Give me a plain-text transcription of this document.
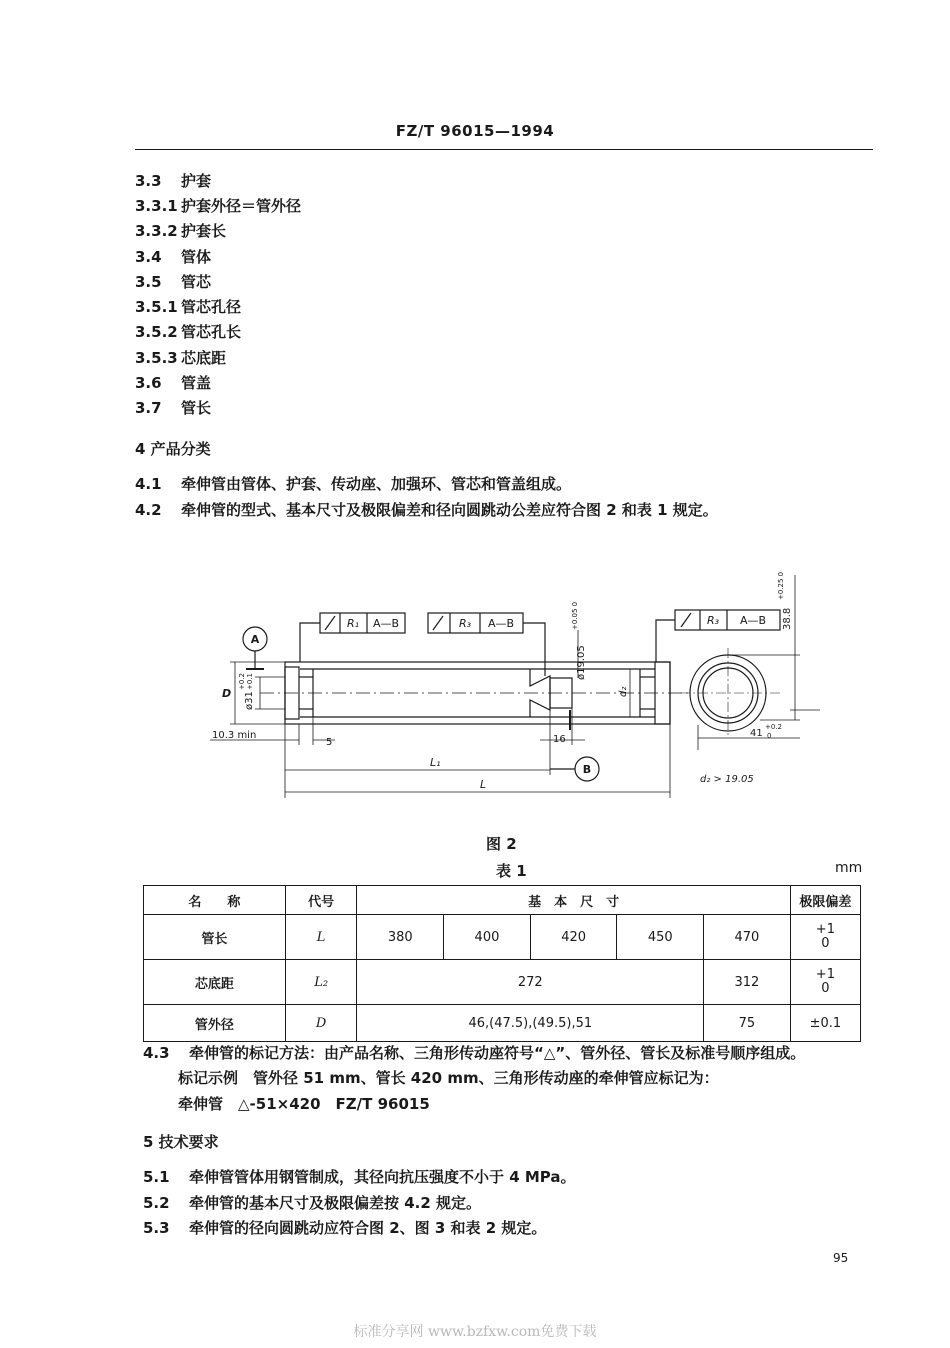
FZ/T 96015—1994
3.3 护套
3.3.1 护套外径＝管外径
3.3.2 护套长
3.4 管体
3.5 管芯
3.5.1 管芯孔径
3.5.2 管芯孔长
3.5.3 芯底距
3.6 管盖
3.7 管长
4 产品分类
4.1 牵伸管由管体、护套、传动座、加强环、管芯和管盖组成。
4.2 牵伸管的型式、基本尺寸及极限偏差和径向圆跳动公差应符合图 2 和表 1 规定。
A
B
R₁ A—B	R₃ A—B	R₃ A—B
D ø31
+0.2 +0.1
ø19.05
+0.05 0	38.8
+0.25 0
d₂
10.3 min
5	16
L₁
L
41
+0.2
0
d₂ > 19.05
图 2
表 1	mm
名　　称	代号	基　本　尺　寸					极限偏差
管长	L	380	400	420	450	470	+1
0

芯底距	L₂	272				312	+1
0

管外径	D	46,(47.5),(49.5),51				75	±0.1
4.3 牵伸管的标记方法：由产品名称、三角形传动座符号“△”、管外径、管长及标准号顺序组成。
标记示例　管外径 51 mm、管长 420 mm、三角形传动座的牵伸管应标记为：
牵伸管　△-51×420　FZ/T 96015
5 技术要求
5.1 牵伸管管体用钢管制成，其径向抗压强度不小于 4 MPa。
5.2 牵伸管的基本尺寸及极限偏差按 4.2 规定。
5.3 牵伸管的径向圆跳动应符合图 2、图 3 和表 2 规定。
95
标准分享网 www.bzfxw.com免费下载
